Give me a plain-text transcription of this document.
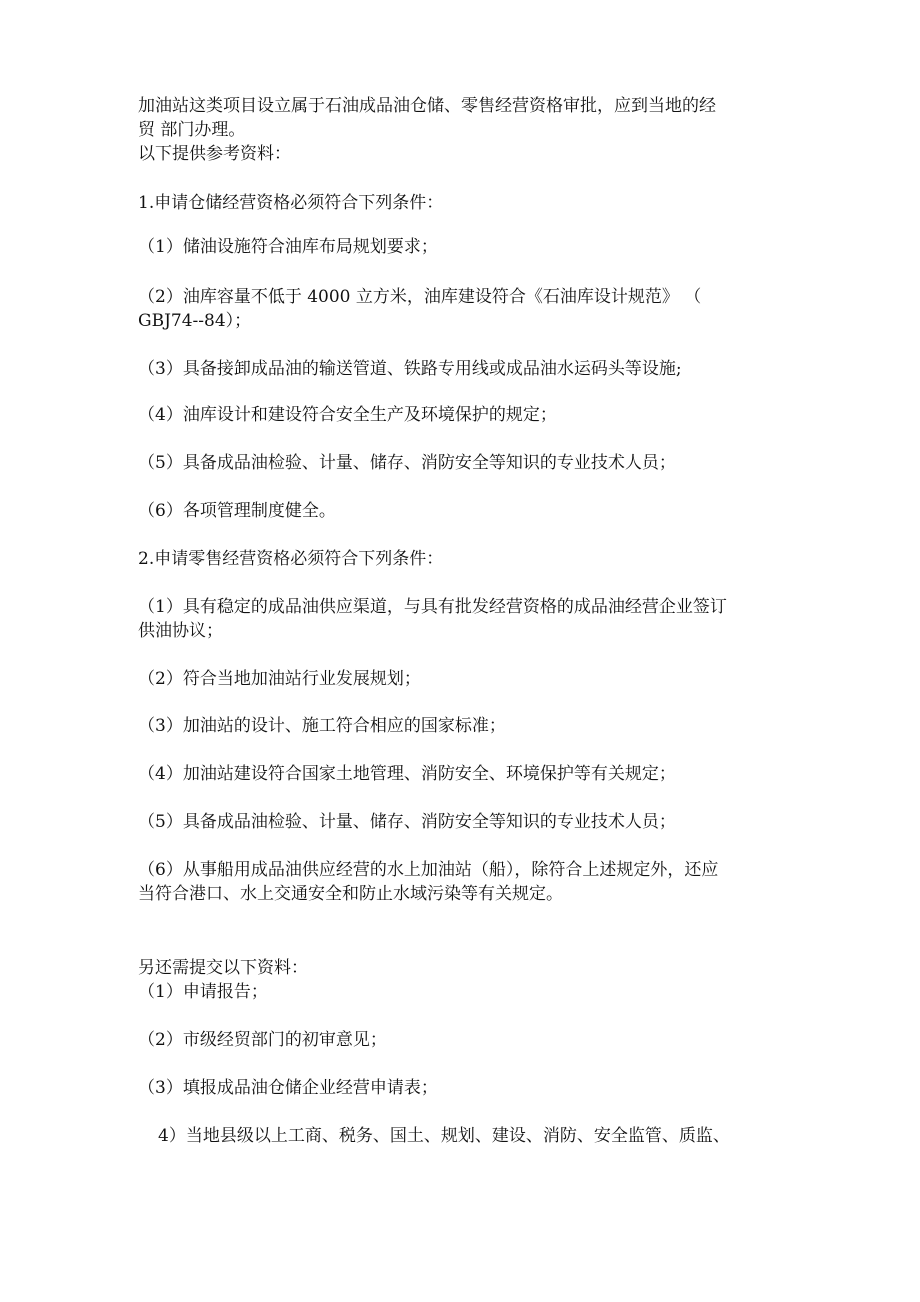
加油站这类项目设立属于石油成品油仓储、零售经营资格审批，应到当地的经
贸 部门办理。
以下提供参考资料：
1.申请仓储经营资格必须符合下列条件：
（1）储油设施符合油库布局规划要求；
（2）油库容量不低于 4000 立方米，油库建设符合《石油库设计规范》 （
GBJ74--84）；
（3）具备接卸成品油的输送管道、铁路专用线或成品油水运码头等设施;
（4）油库设计和建设符合安全生产及环境保护的规定；
（5）具备成品油检验、计量、储存、消防安全等知识的专业技术人员；
（6）各项管理制度健全。
2.申请零售经营资格必须符合下列条件：
（1）具有稳定的成品油供应渠道，与具有批发经营资格的成品油经营企业签订
供油协议；
（2）符合当地加油站行业发展规划；
（3）加油站的设计、施工符合相应的国家标准；
（4）加油站建设符合国家土地管理、消防安全、环境保护等有关规定；
（5）具备成品油检验、计量、储存、消防安全等知识的专业技术人员；
（6）从事船用成品油供应经营的水上加油站（船），除符合上述规定外，还应
当符合港口、水上交通安全和防止水域污染等有关规定。
另还需提交以下资料：
（1）申请报告；
（2）市级经贸部门的初审意见；
（3）填报成品油仓储企业经营申请表；
4）当地县级以上工商、税务、国土、规划、建设、消防、安全监管、质监、
